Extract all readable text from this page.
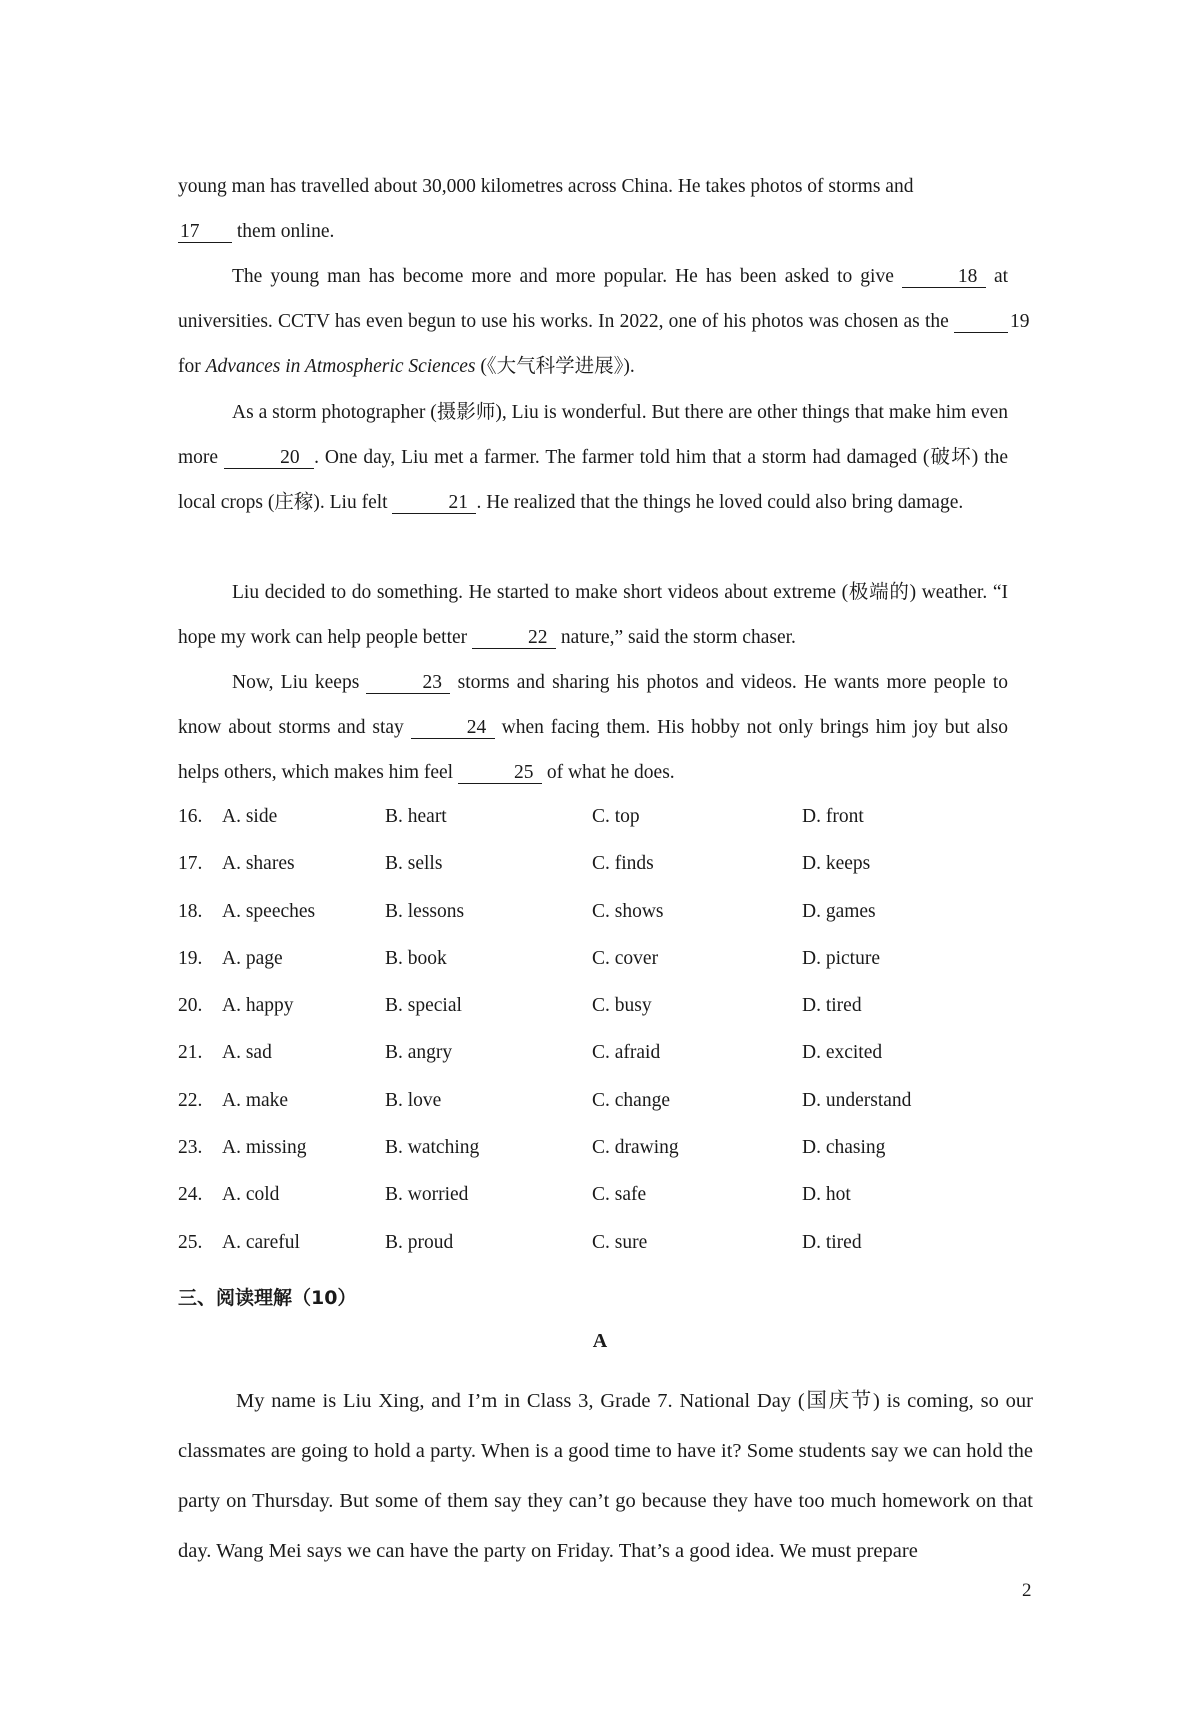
young man has travelled about 30,000 kilometres across China. He takes photos of storms and
17 them online.

The young man has become more and more popular. He has been asked to give	18 at universities. CCTV has even begun to use his works. In 2022, one of his photos was chosen as the	19 for Advances in Atmospheric Sciences (《大气科学进展》).

As a storm photographer (摄影师), Liu is wonderful. But there are other things that make him even more	20 . One day, Liu met a farmer. The farmer told him that a storm had damaged (破坏) the local crops (庄稼). Liu felt	21 . He realized that the things he loved could also bring damage.

Liu decided to do something. He started to make short videos about extreme (极端的) weather. “I hope my work can help people better	22 nature,” said the storm chaser.

Now, Liu keeps	23 storms and sharing his photos and videos. He wants more people to know about storms and stay	24 when facing them. His hobby not only brings him joy but also helps others, which makes him feel	25 of what he does.

16. A. side	B. heart	C. top	D. front
17. A. shares	B. sells	C. finds	D. keeps
18. A. speeches	B. lessons	C. shows	D. games
19. A. page	B. book	C. cover	D. picture
20. A. happy	B. special	C. busy	D. tired
21. A. sad	B. angry	C. afraid	D. excited
22. A. make	B. love	C. change	D. understand
23. A. missing	B. watching	C. drawing	D. chasing
24. A. cold	B. worried	C. safe	D. hot
25. A. careful	B. proud	C. sure	D. tired
三、阅读理解（10）
A

My name is Liu Xing, and I’m in Class 3, Grade 7. National Day (国庆节) is coming, so our classmates are going to hold a party. When is a good time to have it? Some students say we can hold the party on Thursday. But some of them say they can’t go because they have too much homework on that day. Wang Mei says we can have the party on Friday. That’s a good idea. We must prepare

2
